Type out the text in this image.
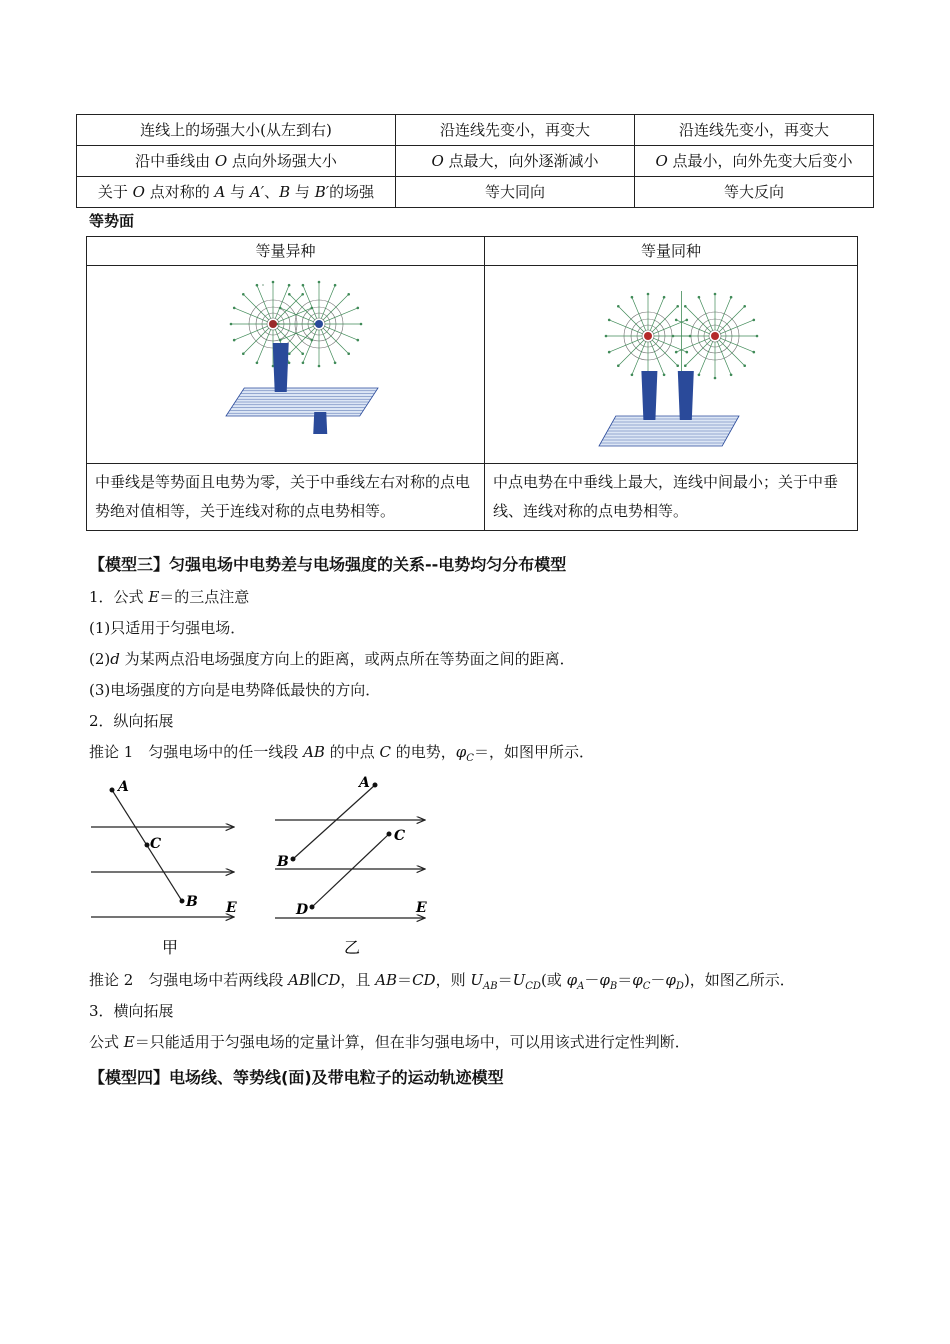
连线上的场强大小(从左到右)	沿连线先变小，再变大	沿连线先变小，再变大
沿中垂线由 O 点向外场强大小	O 点最大，向外逐渐减小	O 点最小，向外先变大后变小
关于 O 点对称的 A 与 A′、B 与 B′的场强	等大同向	等大反向
等势面
等量异种	等量同种

中垂线是等势面且电势为零，关于中垂线左右对称的点电势绝对值相等，关于连线对称的点电势相等。	中点电势在中垂线上最大，连线中间最小；关于中垂线、连线对称的点电势相等。
【模型三】匀强电场中电势差与电场强度的关系--电势均匀分布模型
1．公式 E＝的三点注意
(1)只适用于匀强电场．
(2)d 为某两点沿电场强度方向上的距离，或两点所在等势面之间的距离．
(3)电场强度的方向是电势降低最快的方向．
2．纵向拓展
推论 1　匀强电场中的任一线段 AB 的中点 C 的电势，$\varphi_C=$，如图甲所示．
A
C
B E
甲
A
B
C
D	E
乙
推论 2　匀强电场中若两线段 AB∥CD，且 AB＝CD，则 $U_{AB}=U_{CD}$(或 $\varphi_A-\varphi_B=\varphi_C-\varphi_D$)，如图乙所示．
3．横向拓展
公式 E＝只能适用于匀强电场的定量计算，但在非匀强电场中，可以用该式进行定性判断．
【模型四】电场线、等势线(面)及带电粒子的运动轨迹模型
